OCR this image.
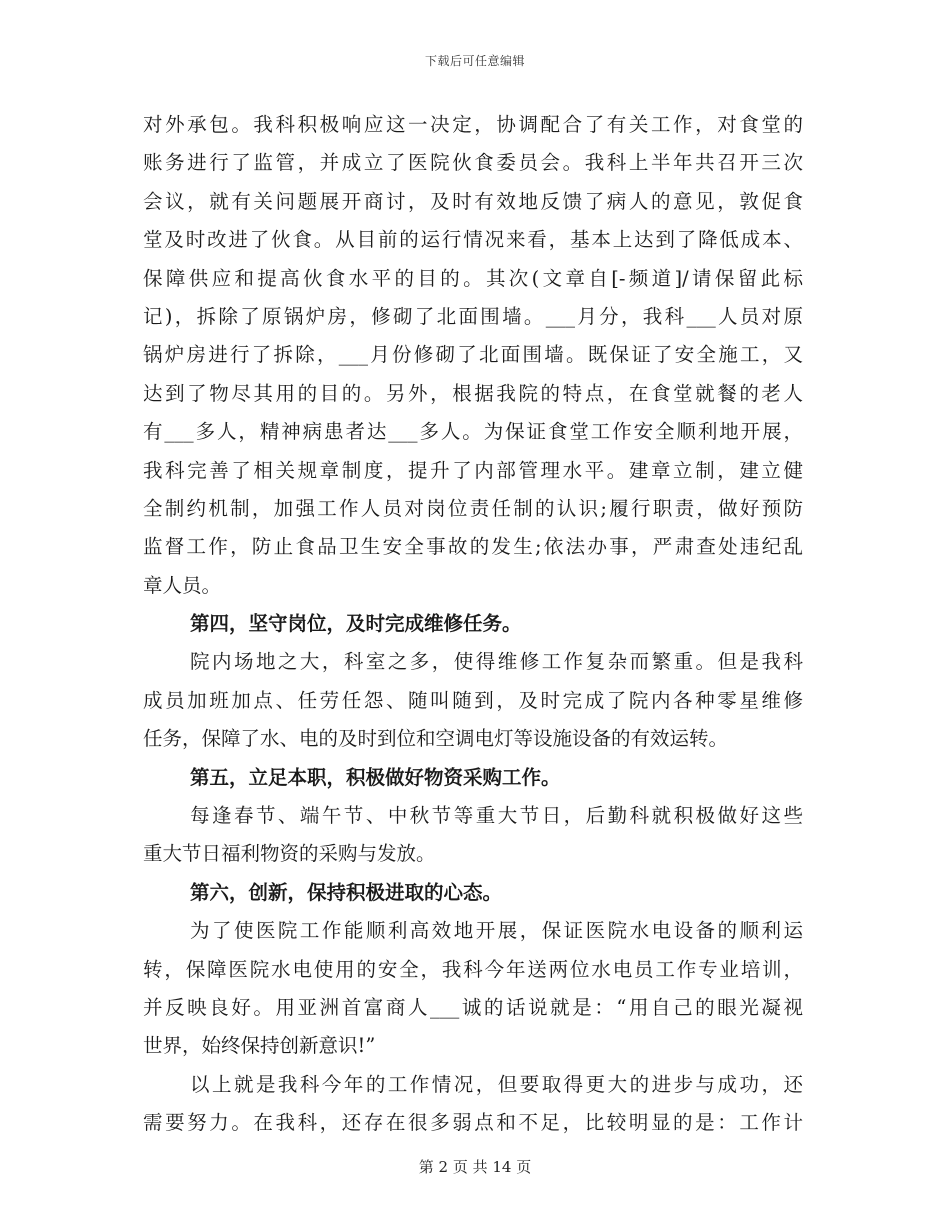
下载后可任意编辑
对外承包。我科积极响应这一决定，协调配合了有关工作，对食堂的
账务进行了监管，并成立了医院伙食委员会。我科上半年共召开三次
会议，就有关问题展开商讨，及时有效地反馈了病人的意见，敦促食
堂及时改进了伙食。从目前的运行情况来看，基本上达到了降低成本、
保障供应和提高伙食水平的目的。其次(文章自[-频道]/请保留此标
记)，拆除了原锅炉房，修砌了北面围墙。___月分，我科___人员对原
锅炉房进行了拆除，___月份修砌了北面围墙。既保证了安全施工，又
达到了物尽其用的目的。另外，根据我院的特点，在食堂就餐的老人
有___多人，精神病患者达___多人。为保证食堂工作安全顺利地开展，
我科完善了相关规章制度，提升了内部管理水平。建章立制，建立健
全制约机制，加强工作人员对岗位责任制的认识;履行职责，做好预防
监督工作，防止食品卫生安全事故的发生;依法办事，严肃查处违纪乱
章人员。
第四，坚守岗位，及时完成维修任务。
院内场地之大，科室之多，使得维修工作复杂而繁重。但是我科
成员加班加点、任劳任怨、随叫随到，及时完成了院内各种零星维修
任务，保障了水、电的及时到位和空调电灯等设施设备的有效运转。
第五，立足本职，积极做好物资采购工作。
每逢春节、端午节、中秋节等重大节日，后勤科就积极做好这些
重大节日福利物资的采购与发放。
第六，创新，保持积极进取的心态。
为了使医院工作能顺利高效地开展，保证医院水电设备的顺利运
转，保障医院水电使用的安全，我科今年送两位水电员工作专业培训，
并反映良好。用亚洲首富商人___诚的话说就是：“用自己的眼光凝视
世界，始终保持创新意识!”
以上就是我科今年的工作情况，但要取得更大的进步与成功，还
需要努力。在我科，还存在很多弱点和不足，比较明显的是：工作计
第 2 页 共 14 页
